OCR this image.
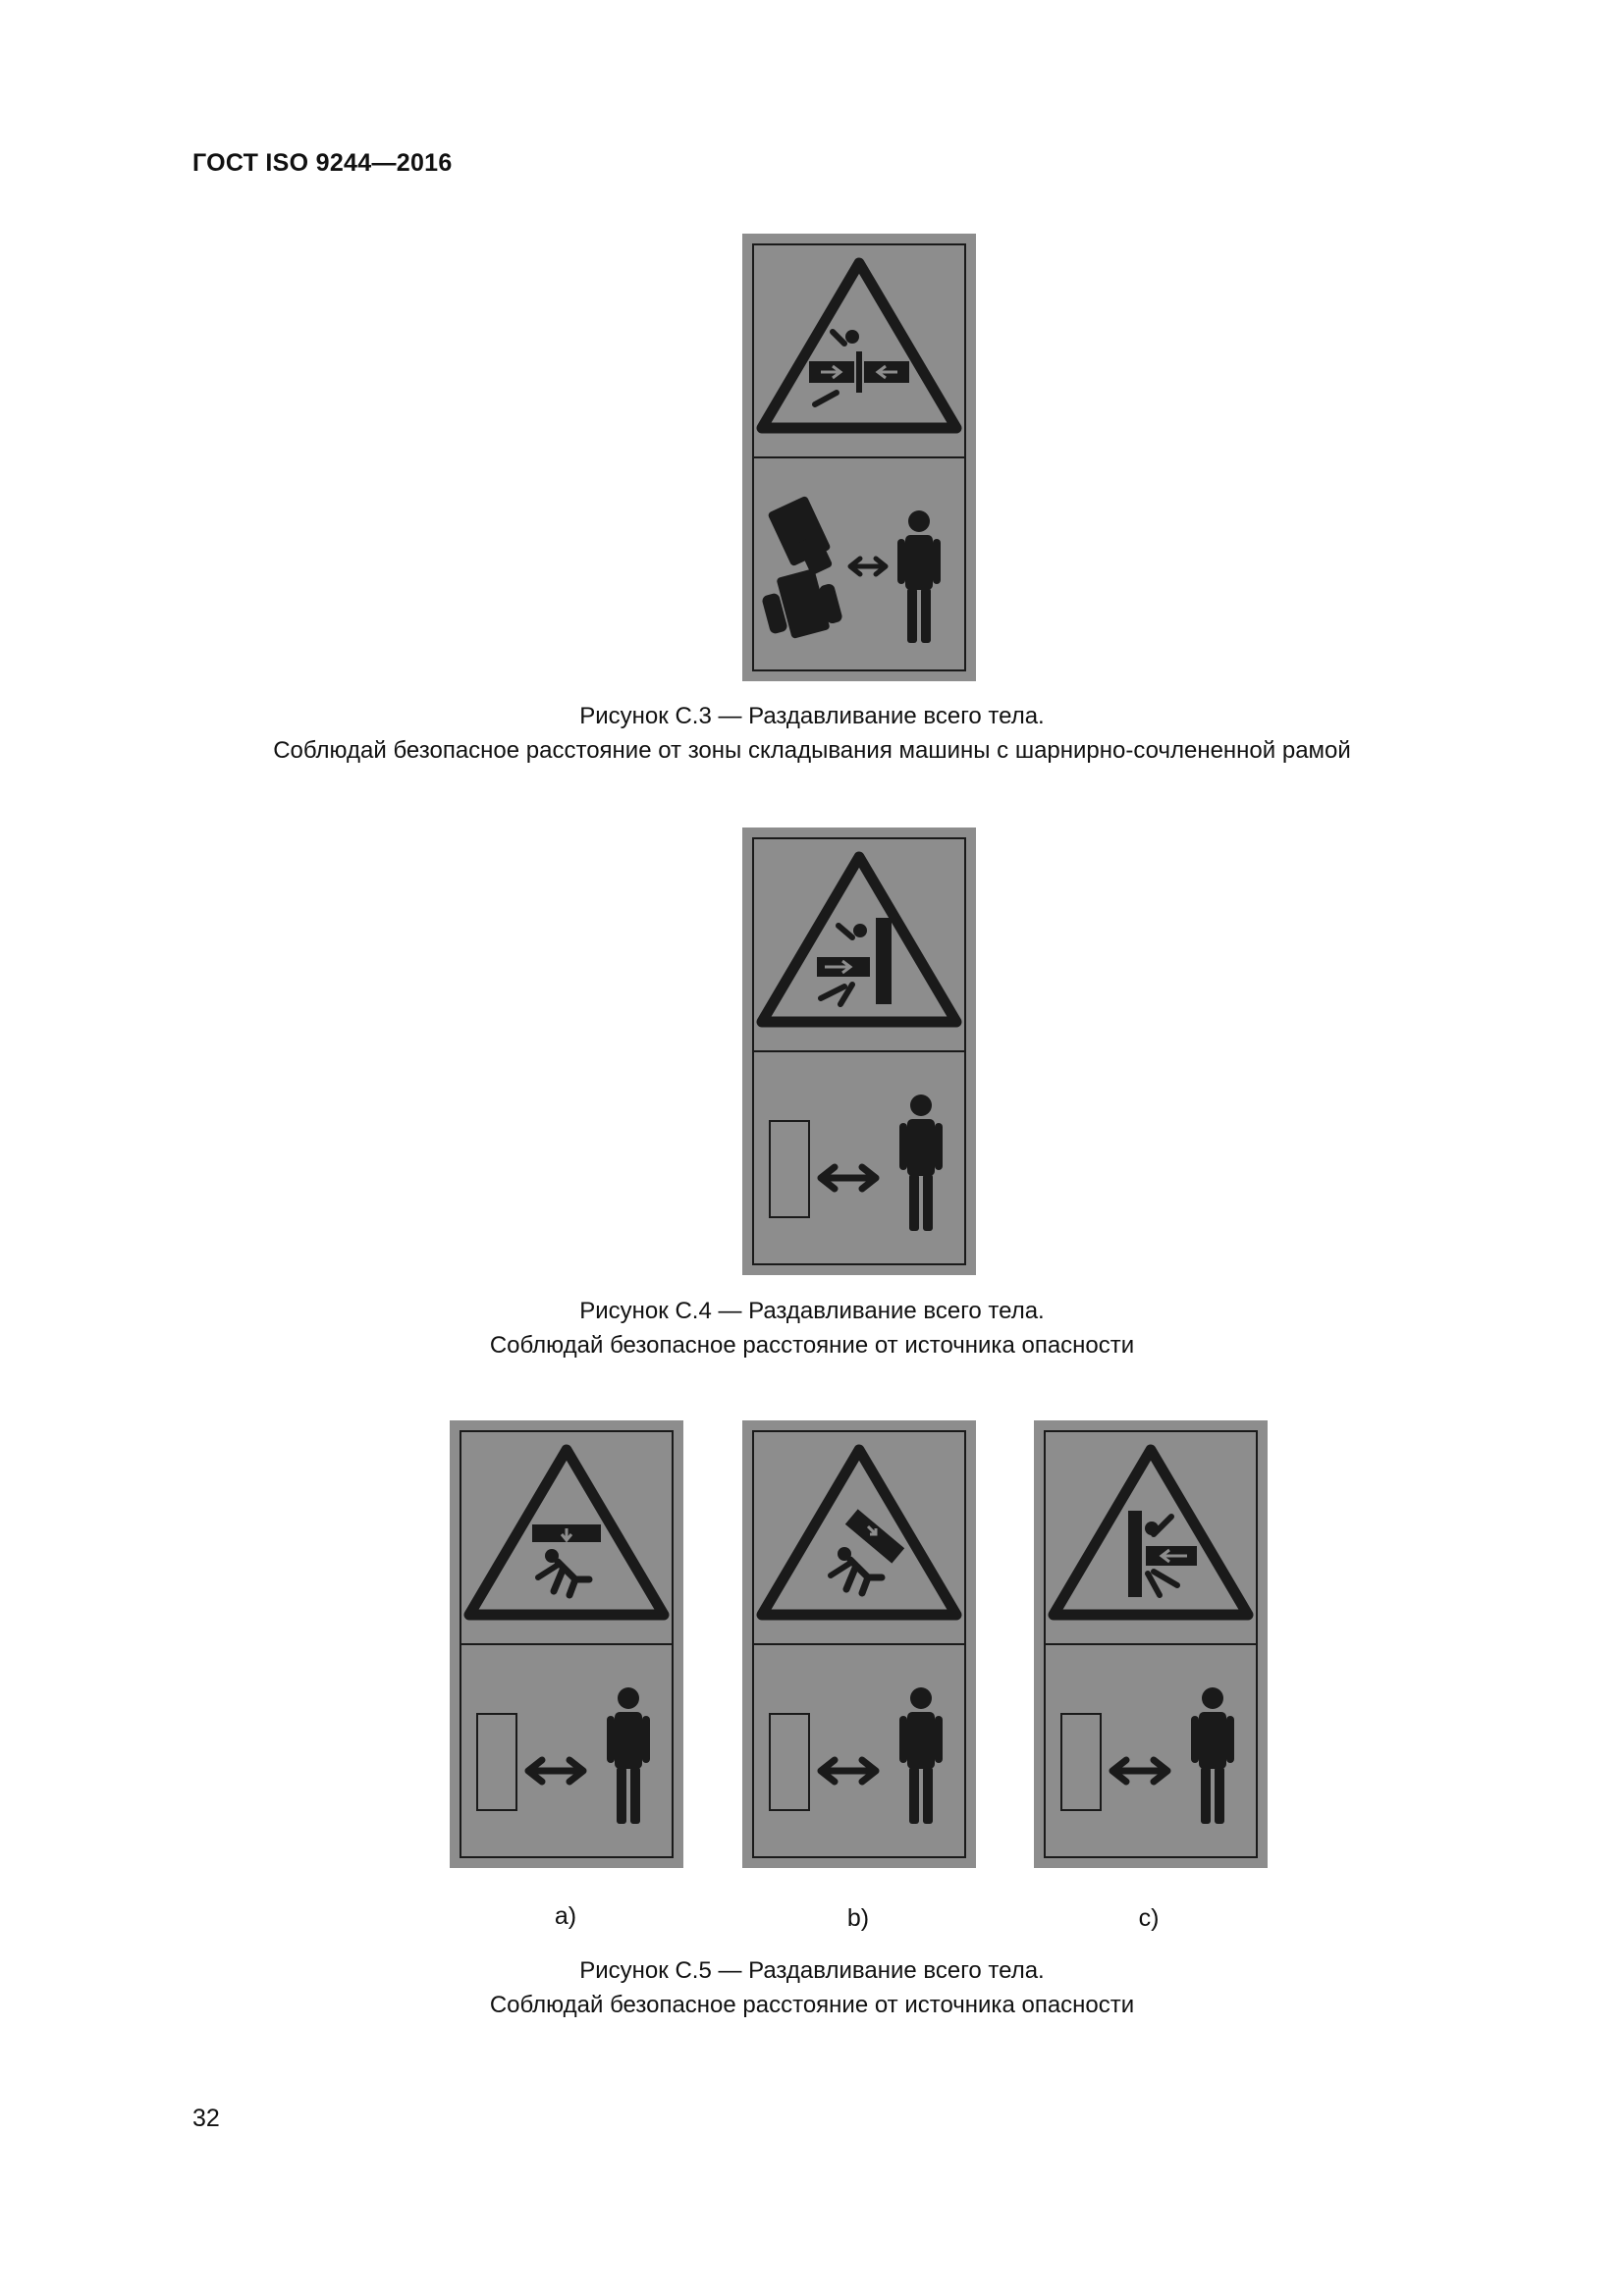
ГОСТ ISO 9244—2016
Рисунок С.3 — Раздавливание всего тела.
Соблюдай безопасное расстояние от зоны складывания машины с шарнирно-сочлененной рамой
Рисунок С.4 — Раздавливание всего тела.
Соблюдай безопасное расстояние от источника опасности
a)	b)	c)
Рисунок С.5 — Раздавливание всего тела.
Соблюдай безопасное расстояние от источника опасности
32
